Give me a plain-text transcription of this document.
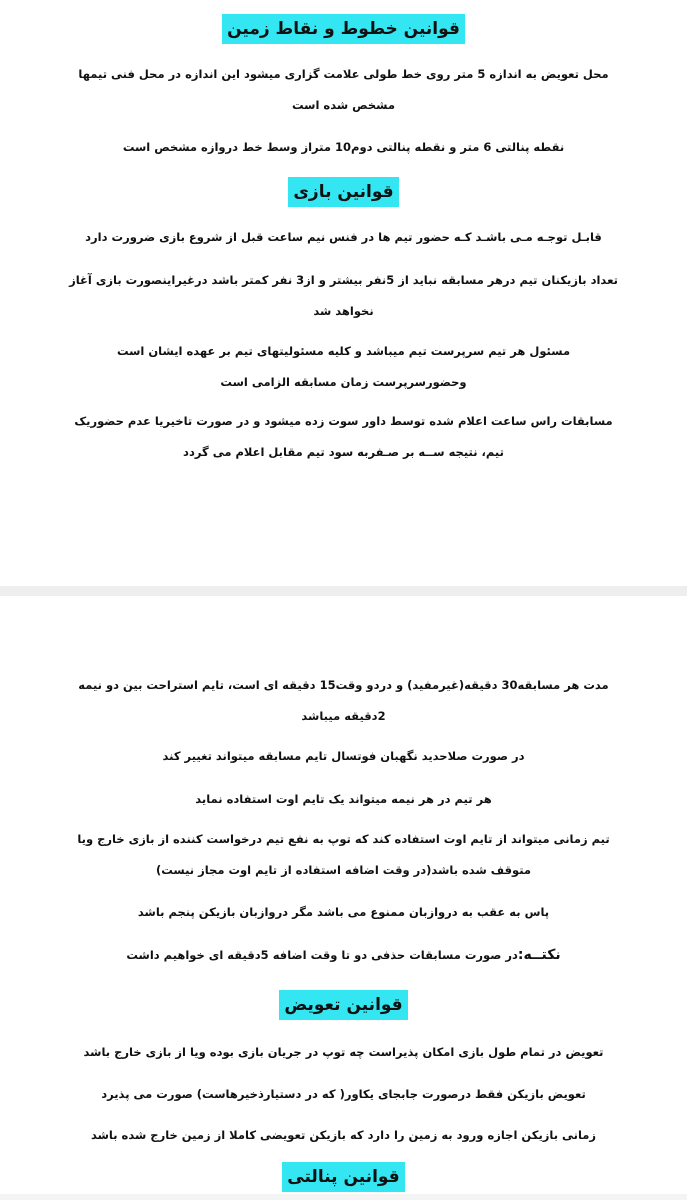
قوانین خطوط و نقاط زمین
محل تعویض به اندازه 5 متر روی خط طولی علامت گزاری میشود این اندازه در محل فنی تیمها
مشخص شده است
نقطه پنالتی 6 متر و نقطه پنالتی دوم10 متراز وسط خط دروازه مشخص است
قوانین بازی
قابـل توجـه مـی باشـد کـه حضور تیم ها در فنس نیم ساعت قبل از شروع بازی ضرورت دارد
تعداد بازیکنان تیم درهر مسابقه نباید از 5نفر بیشتر و از3 نفر کمتر باشد درغیراینصورت بازی آغاز
نخواهد شد
مسئول هر تیم سرپرست تیم میباشد و کلیه مسئولیتهای تیم بر عهده ایشان است
وحضورسرپرست زمان مسابقه الزامی است
مسابقات راس ساعت اعلام شده توسط داور سوت زده میشود و در صورت تاخیریا عدم حضوریک
تیم، نتیجه ســه بر صـفربه سود تیم مقابل اعلام می گردد
مدت هر مسابقه30 دقیقه(غیرمفید) و دردو وقت15 دقیقه ای است، تایم استراحت بین دو نیمه
2دقیقه میباشد
در صورت صلاحدید نگهبان فوتسال تایم مسابقه میتواند تغییر کند
هر تیم در هر نیمه میتواند یک تایم اوت استفاده نماید
تیم زمانی میتواند از تایم اوت استفاده کند که توپ به نفع تیم درخواست کننده از بازی خارج ویا
متوقف شده باشد(در وقت اضافه استفاده از تایم اوت مجاز نیست)
پاس به عقب به دروازبان ممنوع می باشد مگر دروازبان بازیکن پنجم باشد
نکتــه:در صورت مسابقات حذفی دو تا وقت اضافه 5دقیقه ای خواهیم داشت
قوانین تعویض
تعویض در تمام طول بازی امکان پذیراست چه توپ در جریان بازی بوده ویا از بازی خارج باشد
تعویض بازیکن فقط درصورت جابجای یکاور( که در دستیارذخیرهاست) صورت می پذیرد
زمانی بازیکن اجازه ورود به زمین را دارد که بازیکن تعویضی کاملا از زمین خارج شده باشد
قوانین پنالتی
